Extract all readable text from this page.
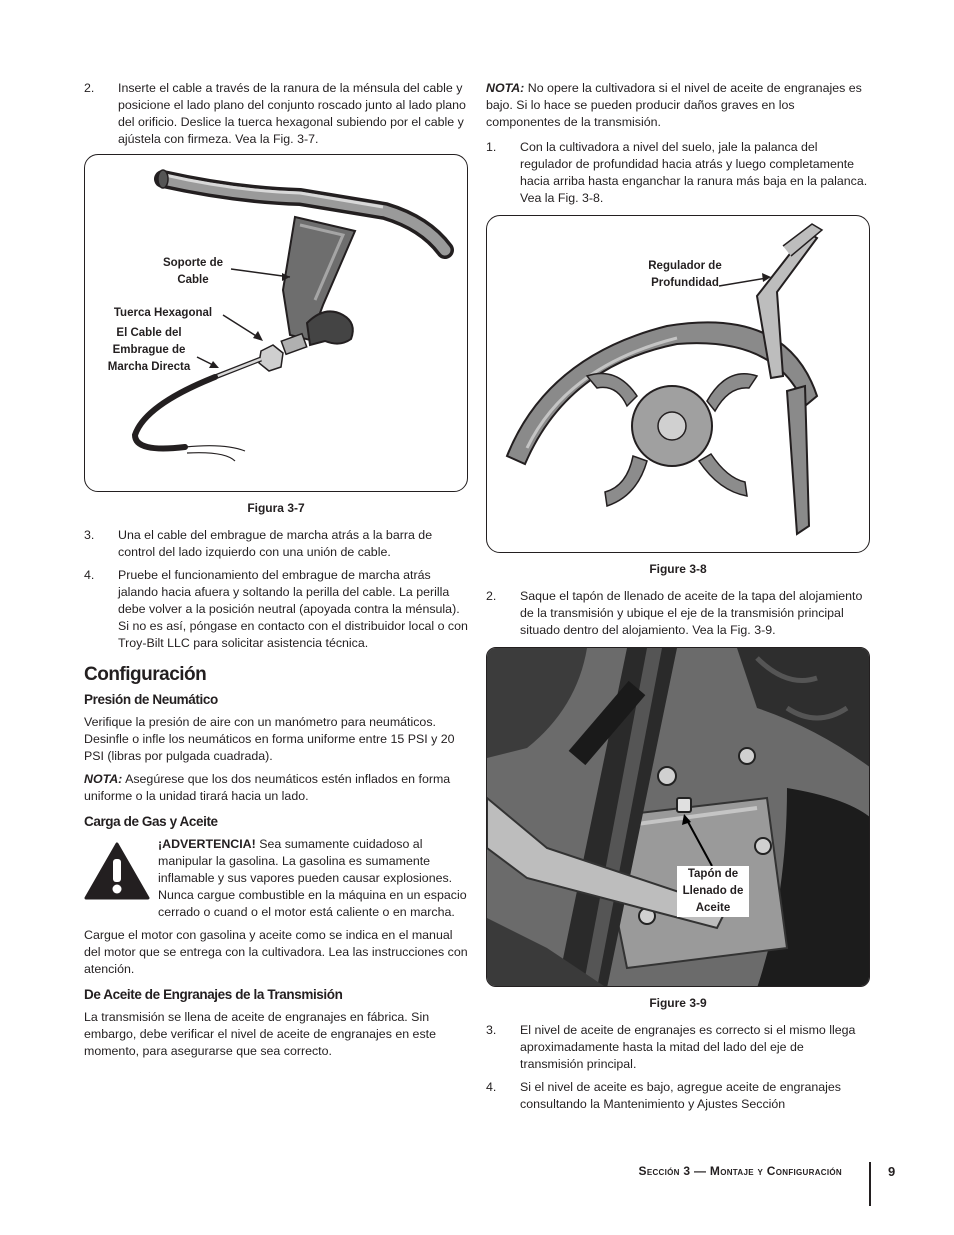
2.	Inserte el cable a través de la ranura de la ménsula del cable y posicione el lado plano del conjunto roscado junto al lado plano del orificio. Deslice la tuerca hexagonal subiendo por el cable y ajústela con firmeza. Vea la Fig. 3-7.
Soporte de Cable
Tuerca Hexagonal
El Cable del Embrague de Marcha Directa
Figura 3-7
3.	Una el cable del embrague de marcha atrás a la barra de control del lado izquierdo con una unión de cable.
4.	Pruebe el funcionamiento del embrague de marcha atrás jalando hacia afuera y soltando la perilla del cable. La perilla debe volver a la posición neutral (apoyada contra la ménsula). Si no es así, póngase en contacto con el distribuidor local o con Troy-Bilt LLC para solicitar asistencia técnica.
Configuración
Presión de Neumático
Verifique la presión de aire con un manómetro para neumáticos. Desinfle o infle los neumáticos en forma uniforme entre 15 PSI y 20 PSI (libras por pulgada cuadrada).
NOTA: Asegúrese que los dos neumáticos estén inflados en forma uniforme o la unidad tirará hacia un lado.
Carga de Gas y Aceite
¡ADVERTENCIA! Sea sumamente cuidadoso al manipular la gasolina. La gasolina es sumamente inflamable y sus vapores pueden causar explosiones. Nunca cargue combustible en la máquina en un espacio cerrado o cuand o el motor está caliente o en marcha.
Cargue el motor con gasolina y aceite como se indica en el manual del motor que se entrega con la cultivadora. Lea las instrucciones con atención.
De Aceite de Engranajes de la Transmisión
La transmisión se llena de aceite de engranajes en fábrica. Sin embargo, debe verificar el nivel de aceite de engranajes en este momento, para asegurarse que sea correcto.
NOTA: No opere la cultivadora si el nivel de aceite de engranajes es bajo. Si lo hace se pueden producir daños graves en los componentes de la transmisión.
1.	Con la cultivadora a nivel del suelo, jale la palanca del regulador de profundidad hacia atrás y luego completamente hacia arriba hasta enganchar la ranura más baja en la palanca. Vea la Fig. 3-8.
Regulador de Profundidad
Figure 3-8
2.	Saque el tapón de llenado de aceite de la tapa del alojamiento de la transmisión y ubique el eje de la transmisión principal situado dentro del alojamiento. Vea la Fig. 3-9.
Tapón de Llenado de Aceite
Figure 3-9
3.	El nivel de aceite de engranajes es correcto si el mismo llega aproximadamente hasta la mitad del lado del eje de transmisión principal.
4.	Si el nivel de aceite es bajo, agregue aceite de engranajes consultando la Mantenimiento y Ajustes Sección
Sección 3 — Montaje y Configuración	9
